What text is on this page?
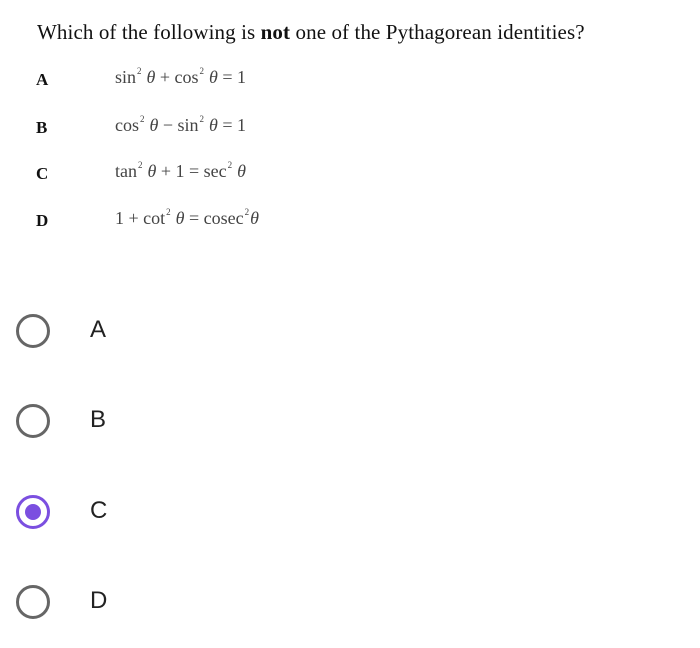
Which of the following is not one of the Pythagorean identities?
A	$\sin^2 \theta + \cos^2 \theta = 1$
B	$\cos^2 \theta - \sin^2 \theta = 1$
C	$\tan^2 \theta + 1 = \sec^2 \theta$
D	$1 + \cot^2 \theta = cosec^2\theta$
A
B
C
D
